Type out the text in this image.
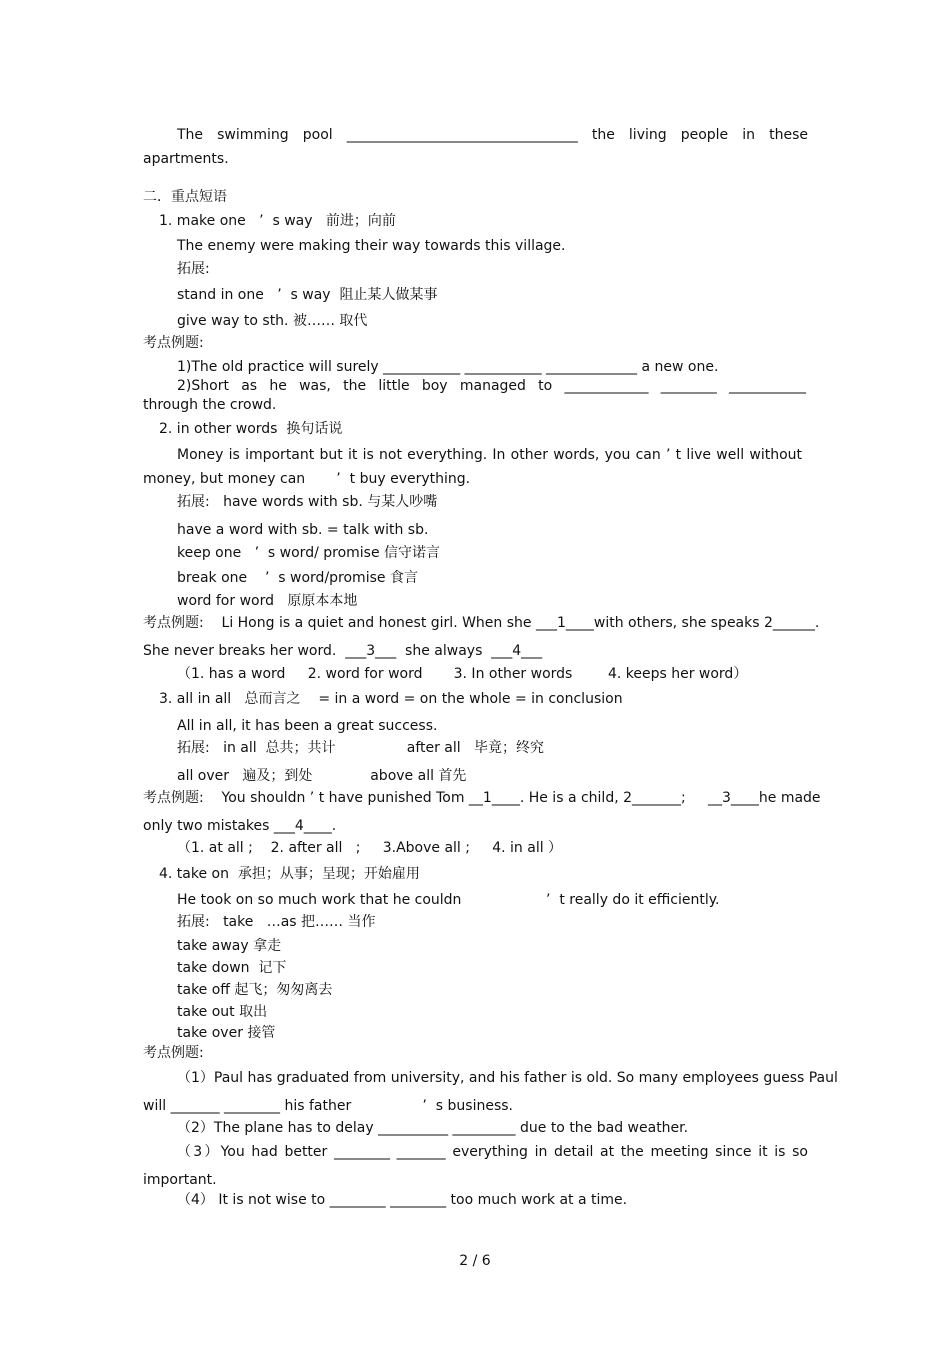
The swimming pool _________________________________ the living people in these
apartments.
二．重点短语
1. make one   ’  s way   前进；向前
The enemy were making their way towards this village.
拓展:
stand in one   ’  s way  阻止某人做某事
give way to sth. 被…… 取代
考点例题:
1)The old practice will surely ___________ ___________ _____________ a new one.
2)Short as he was, the little boy managed to ____________ ________ ___________
through the crowd.
2. in other words  换句话说
Money is important but it is not everything. In other words, you can ’ t live well without
money, but money can       ’  t buy everything.
拓展:   have words with sb. 与某人吵嘴
have a word with sb. = talk with sb.
keep one   ’  s word/ promise 信守诺言
break one    ’  s word/promise 食言
word for word   原原本本地
考点例题:    Li Hong is a quiet and honest girl. When she ___1____with others, she speaks 2______.
She never breaks her word.  ___3___  she always  ___4___
（1. has a word     2. word for word       3. In other words        4. keeps her word）
3. all in all   总而言之    = in a word = on the whole = in conclusion
All in all, it has been a great success.
拓展:   in all  总共；共计                after all   毕竟；终究
all over   遍及；到处             above all 首先
考点例题:    You shouldn ’ t have punished Tom __1____. He is a child, 2_______;     __3____he made
only two mistakes ___4____.
（1. at all ;    2. after all   ;     3.Above all ;     4. in all ）
4. take on  承担；从事；呈现；开始雇用
He took on so much work that he couldn                   ’  t really do it efficiently.
拓展:   take   …as 把…… 当作
take away 拿走
take down  记下
take off 起飞；匆匆离去
take out 取出
take over 接管
考点例题:
（1）Paul has graduated from university, and his father is old. So many employees guess Paul
will _______ ________ his father                ’  s business.
（2）The plane has to delay __________ _________ due to the bad weather.
（3）You had better ________ _______ everything in detail at the meeting since it is so
important.
（4） It is not wise to ________ ________ too much work at a time.
2 / 6
